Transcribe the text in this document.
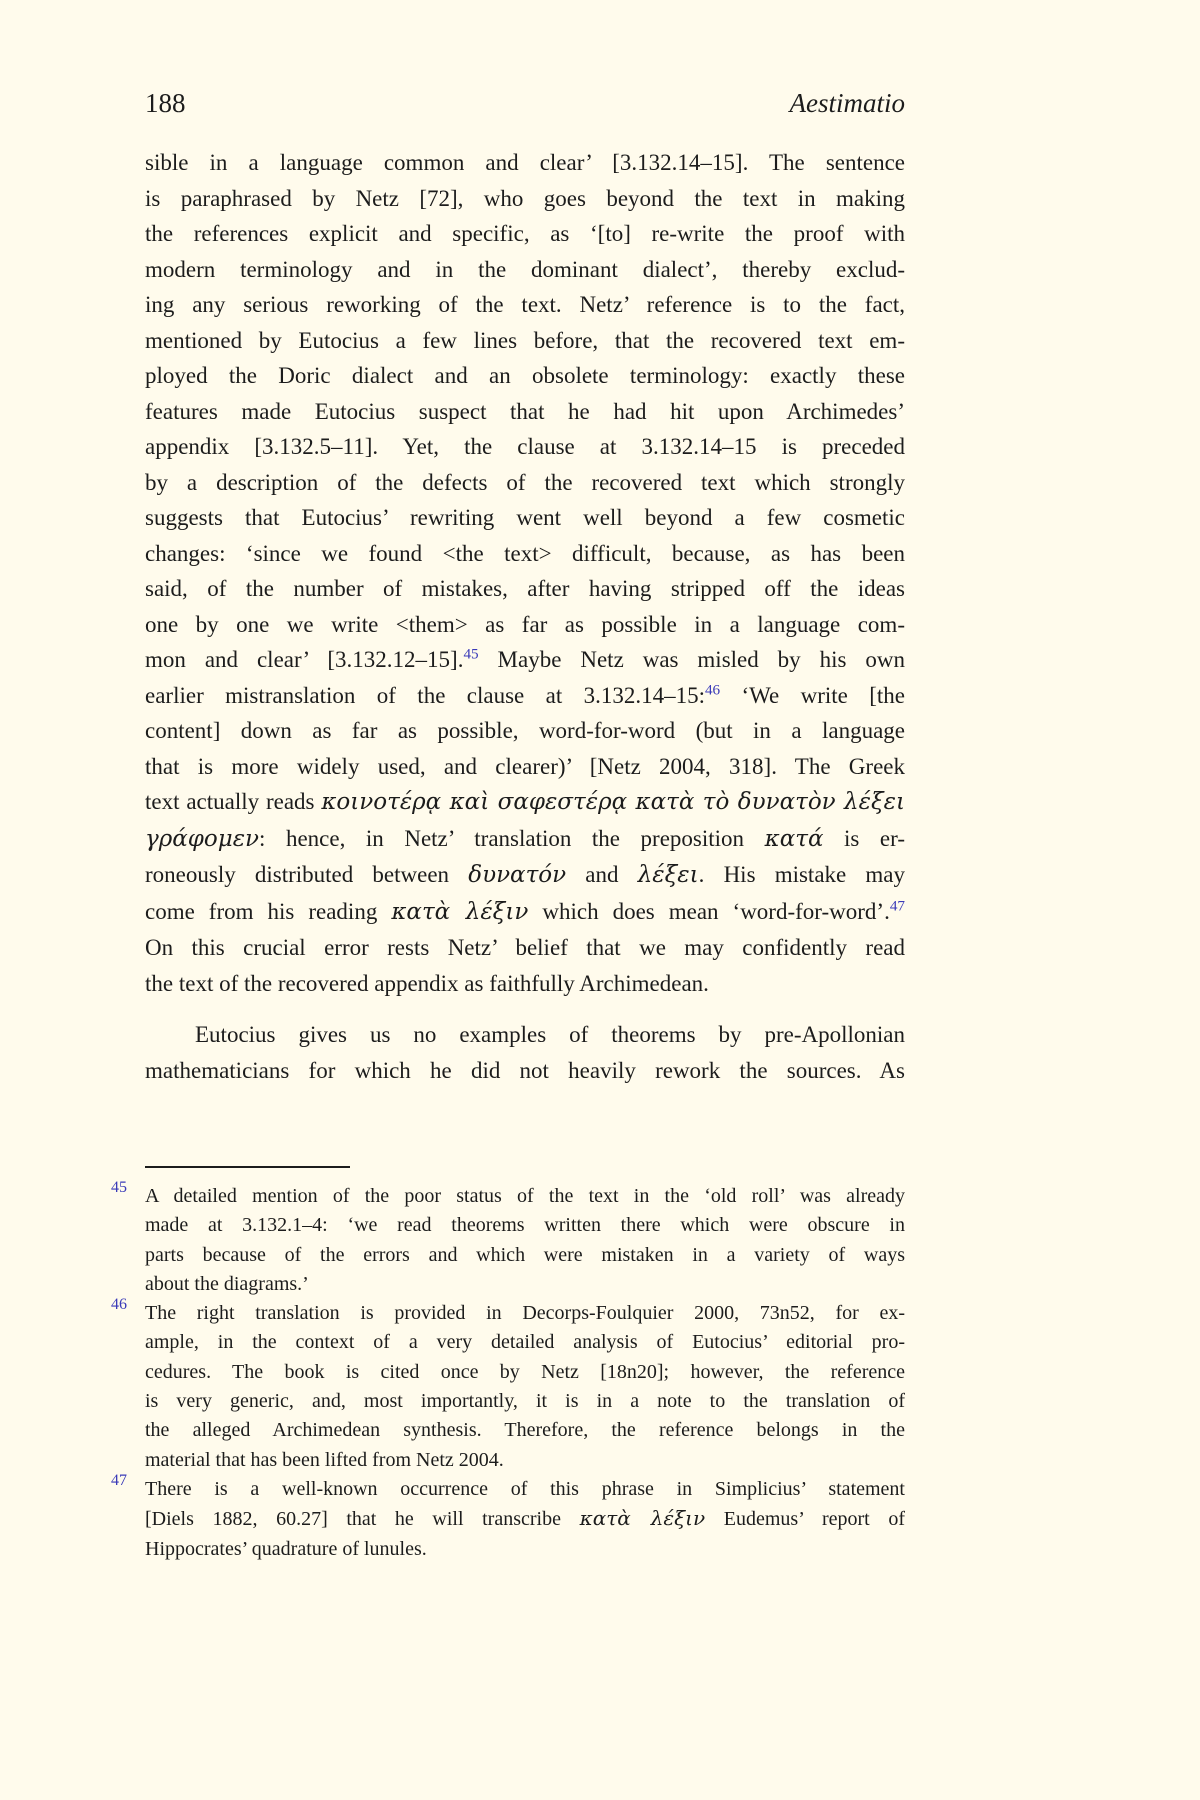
188	Aestimatio
sible in a language common and clear’ [3.132.14–15]. The sentence
is paraphrased by Netz [72], who goes beyond the text in making
the references explicit and specific, as ‘[to] re-write the proof with
modern terminology and in the dominant dialect’, thereby exclud-
ing any serious reworking of the text. Netz’ reference is to the fact,
mentioned by Eutocius a few lines before, that the recovered text em-
ployed the Doric dialect and an obsolete terminology: exactly these
features made Eutocius suspect that he had hit upon Archimedes’
appendix [3.132.5–11]. Yet, the clause at 3.132.14–15 is preceded
by a description of the defects of the recovered text which strongly
suggests that Eutocius’ rewriting went well beyond a few cosmetic
changes: ‘since we found <the text> difficult, because, as has been
said, of the number of mistakes, after having stripped off the ideas
one by one we write <them> as far as possible in a language com-
mon and clear’ [3.132.12–15].$^{45}$ Maybe Netz was misled by his own
earlier mistranslation of the clause at 3.132.14–15:$^{46}$ ‘We write [the
content] down as far as possible, word-for-word (but in a language
that is more widely used, and clearer)’ [Netz 2004, 318]. The Greek
text actually reads κοινοτέρᾳ καὶ σαφεστέρᾳ κατὰ τὸ δυνατὸν λέξει
γράφομεν: hence, in Netz’ translation the preposition κατά is er-
roneously distributed between δυνατόν and λέξει. His mistake may
come from his reading κατὰ λέξιν which does mean ‘word-for-word’.$^{47}$
On this crucial error rests Netz’ belief that we may confidently read
the text of the recovered appendix as faithfully Archimedean.
Eutocius gives us no examples of theorems by pre-Apollonian
mathematicians for which he did not heavily rework the sources. As
45 A detailed mention of the poor status of the text in the ‘old roll’ was already
made at 3.132.1–4: ‘we read theorems written there which were obscure in
parts because of the errors and which were mistaken in a variety of ways
about the diagrams.’
46 The right translation is provided in Decorps-Foulquier 2000, 73n52, for ex-
ample, in the context of a very detailed analysis of Eutocius’ editorial pro-
cedures. The book is cited once by Netz [18n20]; however, the reference
is very generic, and, most importantly, it is in a note to the translation of
the alleged Archimedean synthesis. Therefore, the reference belongs in the
material that has been lifted from Netz 2004.
47 There is a well-known occurrence of this phrase in Simplicius’ statement
[Diels 1882, 60.27] that he will transcribe κατὰ λέξιν Eudemus’ report of
Hippocrates’ quadrature of lunules.
